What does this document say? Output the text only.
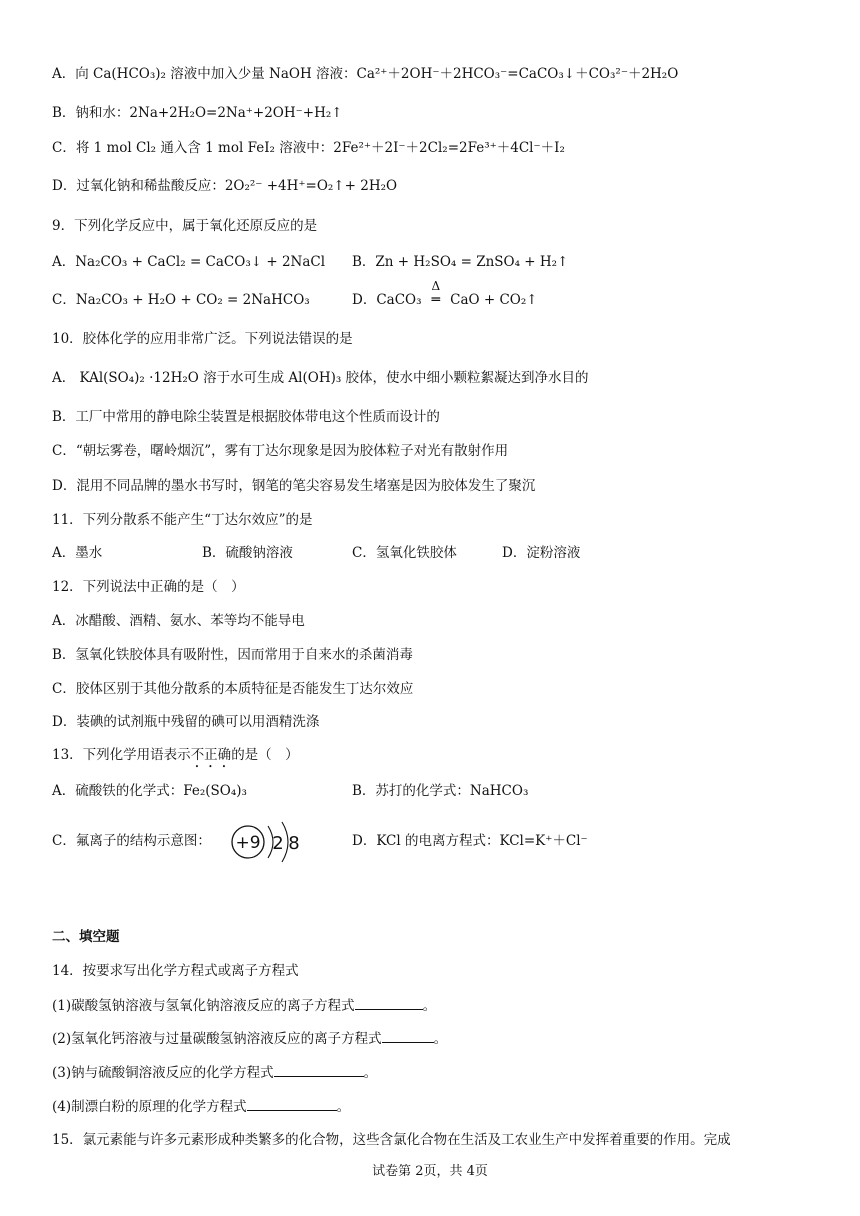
A．向 Ca(HCO₃)₂ 溶液中加入少量 NaOH 溶液：Ca²⁺＋2OH⁻＋2HCO₃⁻=CaCO₃↓＋CO₃²⁻＋2H₂O
B．钠和水：2Na+2H₂O=2Na⁺+2OH⁻+H₂↑
C．将 1 mol Cl₂ 通入含 1 mol FeI₂ 溶液中：2Fe²⁺＋2I⁻＋2Cl₂=2Fe³⁺＋4Cl⁻＋I₂
D．过氧化钠和稀盐酸反应：2O₂²⁻ +4H⁺=O₂↑+ 2H₂O
9．下列化学反应中，属于氧化还原反应的是
A．Na₂CO₃ + CaCl₂ = CaCO₃↓ + 2NaCl B．Zn + H₂SO₄ = ZnSO₄ + H₂↑
C．Na₂CO₃ + H₂O + CO₂ = 2NaHCO₃	D．CaCO₃
Δ
═ CaO + CO₂↑
10．胶体化学的应用非常广泛。下列说法错误的是
A． KAl(SO₄)₂ ·12H₂O 溶于水可生成 Al(OH)₃ 胶体，使水中细小颗粒絮凝达到净水目的
B．工厂中常用的静电除尘装置是根据胶体带电这个性质而设计的
C．“朝坛雾卷，曙岭烟沉”，雾有丁达尔现象是因为胶体粒子对光有散射作用
D．混用不同品牌的墨水书写时，钢笔的笔尖容易发生堵塞是因为胶体发生了聚沉
11．下列分散系不能产生“丁达尔效应”的是
A．墨水	B．硫酸钠溶液	C．氢氧化铁胶体	D．淀粉溶液
12．下列说法中正确的是（　）
A．冰醋酸、酒精、氨水、苯等均不能导电
B．氢氧化铁胶体具有吸附性，因而常用于自来水的杀菌消毒
C．胶体区别于其他分散系的本质特征是否能发生丁达尔效应
D．装碘的试剂瓶中残留的碘可以用酒精洗涤
13．下列化学用语表示不正确的是（　）
A．硫酸铁的化学式：Fe₂(SO₄)₃	B．苏打的化学式：NaHCO₃
C．氟离子的结构示意图： +9 2 8	D．KCl 的电离方程式：KCl=K⁺＋Cl⁻
二、填空题
14．按要求写出化学方程式或离子方程式
(1)碳酸氢钠溶液与氢氧化钠溶液反应的离子方程式	。
(2)氢氧化钙溶液与过量碳酸氢钠溶液反应的离子方程式	。
(3)钠与硫酸铜溶液反应的化学方程式	。
(4)制漂白粉的原理的化学方程式	。
15．氯元素能与许多元素形成种类繁多的化合物，这些含氯化合物在生活及工农业生产中发挥着重要的作用。完成
试卷第 2页，共 4页
